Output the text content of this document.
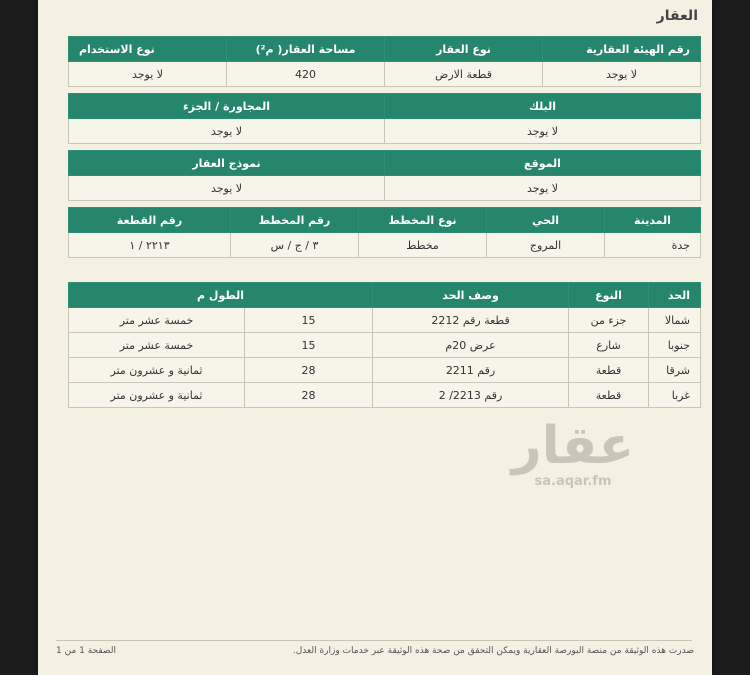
العقار
رقم الهيئة العقارية	نوع العقار	مساحة العقار( م²)	نوع الاستخدام
لا يوجد	قطعة الارض	420	لا يوجد

البلك		المجاورة / الجزء	
لا يوجد		لا يوجد	

الموقع		نموذج العقار	
لا يوجد		لا يوجد	
المدينة	الحي	نوع المخطط	رقم المخطط	رقم القطعة
جدة	المروج	مخطط	٣ / ج / س	٢٢١٣ / ١
الحد	النوع	وصف الحد	الطول م	
شمالا	جزء من	قطعة رقم 2212	15	خمسة عشر متر
جنوبا	شارع	عرض 20م	15	خمسة عشر متر
شرقا	قطعة	رقم 2211	28	ثمانية و عشرون متر
غربا	قطعة	رقم 2213/ 2	28	ثمانية و عشرون متر
عقار
sa.aqar.fm
الصفحة 1 من 1	صدرت هذه الوثيقة من منصة البورصة العقارية ويمكن التحقق من صحة هذه الوثيقة عبر خدمات وزارة العدل.
